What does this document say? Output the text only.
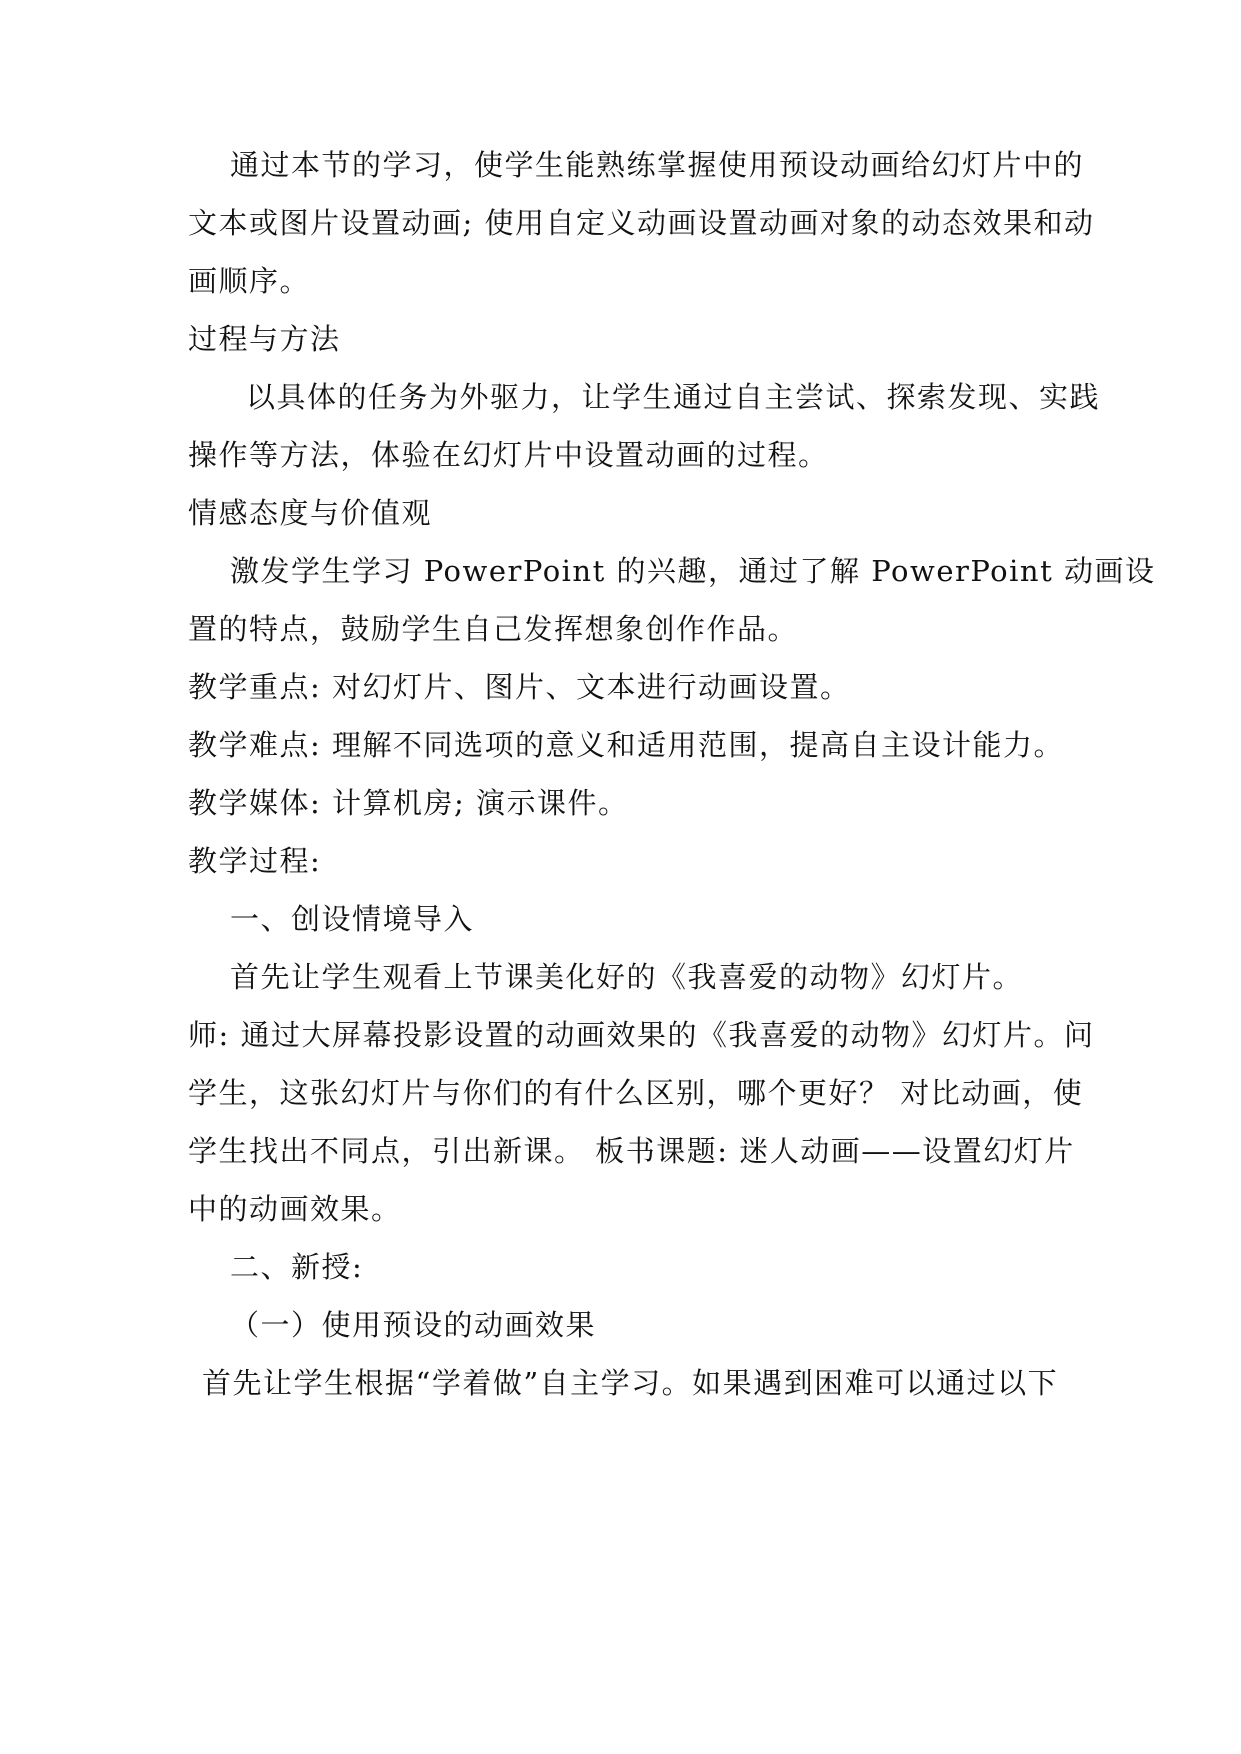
通过本节的学习，使学生能熟练掌握使用预设动画给幻灯片中的
文本或图片设置动画; 使用自定义动画设置动画对象的动态效果和动
画顺序。
过程与方法
以具体的任务为外驱力，让学生通过自主尝试、探索发现、实践
操作等方法，体验在幻灯片中设置动画的过程。
情感态度与价值观
激发学生学习 PowerPoint 的兴趣，通过了解 PowerPoint 动画设
置的特点，鼓励学生自己发挥想象创作作品。
教学重点: 对幻灯片、图片、文本进行动画设置。
教学难点: 理解不同选项的意义和适用范围，提高自主设计能力。
教学媒体: 计算机房; 演示课件。
教学过程:
一、创设情境导入
首先让学生观看上节课美化好的《我喜爱的动物》幻灯片。
师: 通过大屏幕投影设置的动画效果的《我喜爱的动物》幻灯片。问
学生，这张幻灯片与你们的有什么区别，哪个更好？ 对比动画，使
学生找出不同点，引出新课。 板书课题: 迷人动画——设置幻灯片
中的动画效果。
二、新授:
（一）使用预设的动画效果
首先让学生根据“学着做”自主学习。如果遇到困难可以通过以下
